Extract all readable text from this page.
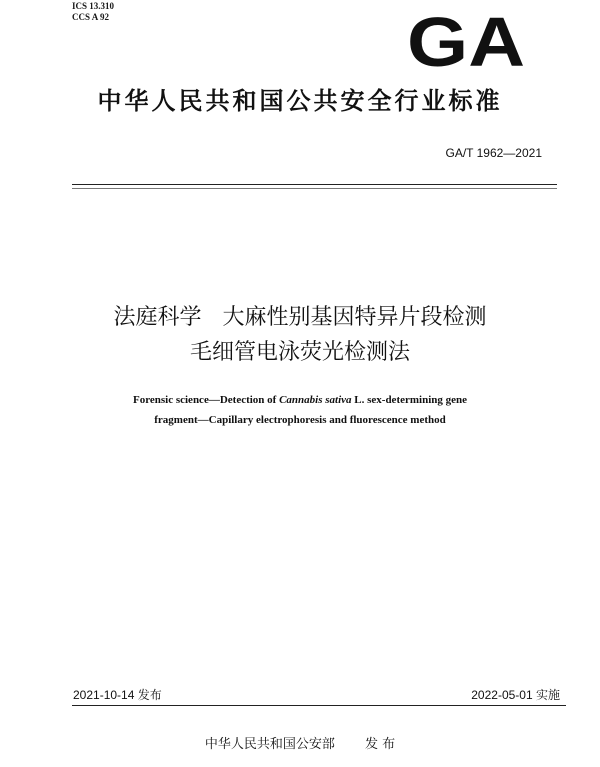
ICS 13.310
CCS A 92	GA
中华人民共和国公共安全行业标准
GA/T 1962—2021
法庭科学 大麻性别基因特异片段检测
毛细管电泳荧光检测法
Forensic science—Detection of Cannabis sativa L. sex-determining gene
fragment—Capillary electrophoresis and fluorescence method
2021-10-14 发布	2022-05-01 实施
中华人民共和国公安部 发 布
